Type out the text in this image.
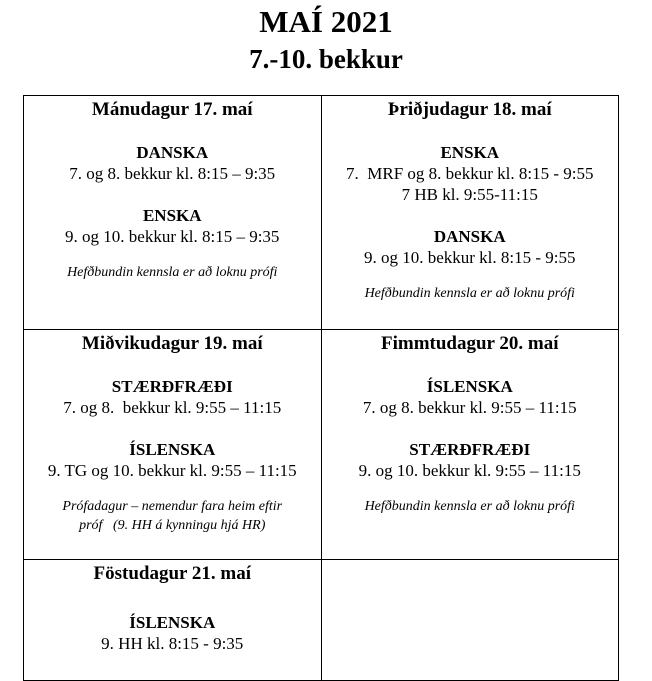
MAÍ 2021
7.-10. bekkur
Mánudagur 17. maí
DANSKA
7. og 8. bekkur kl. 8:15 – 9:35
ENSKA
9. og 10. bekkur kl. 8:15 – 9:35
Hefðbundin kennsla er að loknu prófi

Þriðjudagur 18. maí
ENSKA
7.  MRF og 8. bekkur kl. 8:15 - 9:55
7 HB kl. 9:55-11:15
DANSKA
9. og 10. bekkur kl. 8:15 - 9:55
Hefðbundin kennsla er að loknu prófi

Miðvikudagur 19. maí
STÆRÐFRÆÐI
7. og 8.  bekkur kl. 9:55 – 11:15
ÍSLENSKA
9. TG og 10. bekkur kl. 9:55 – 11:15
Prófadagur – nemendur fara heim eftir
próf   (9. HH á kynningu hjá HR)

Fimmtudagur 20. maí
ÍSLENSKA
7. og 8. bekkur kl. 9:55 – 11:15
STÆRÐFRÆÐI
9. og 10. bekkur kl. 9:55 – 11:15
Hefðbundin kennsla er að loknu prófi

Föstudagur 21. maí
ÍSLENSKA
9. HH kl. 8:15 - 9:35	
